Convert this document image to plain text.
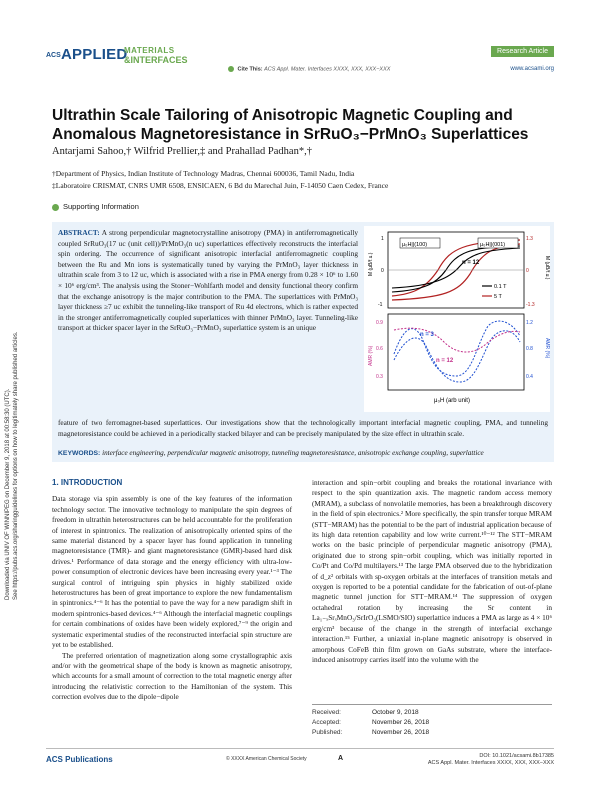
ACS APPLIED
MATERIALS
&INTERFACES
Research Article
Cite This: ACS Appl. Mater. Interfaces XXXX, XXX, XXX−XXX	www.acsami.org
Downloaded via UNIV OF WINNIPEG on December 9, 2018 at 00:58:30 (UTC). See https://pubs.acs.org/sharingguidelines for options on how to legitimately share published articles.
Ultrathin Scale Tailoring of Anisotropic Magnetic Coupling and Anomalous Magnetoresistance in SrRuO₃−PrMnO₃ Superlattices
Antarjami Sahoo,† Wilfrid Prellier,‡ and Prahallad Padhan*,†
†Department of Physics, Indian Institute of Technology Madras, Chennai 600036, Tamil Nadu, India
‡Laboratoire CRISMAT, CNRS UMR 6508, ENSICAEN, 6 Bd du Marechal Juin, F-14050 Caen Cedex, France
Supporting Information
ABSTRACT: A strong perpendicular magnetocrystalline anisotropy (PMA) in antiferromagnetically coupled SrRuO₃(17 uc (unit cell))/PrMnO₃(n uc) superlattices effectively reconstructs the interfacial spin ordering. The occurrence of significant anisotropic interfacial antiferromagnetic coupling between the Ru and Mn ions is systematically tuned by varying the PrMnO₃ layer thickness in ultrathin scale from 3 to 12 uc, which is associated with a rise in PMA energy from 0.28 × 10⁶ to 1.60 × 10⁶ erg/cm³. The analysis using the Stoner−Wohlfarth model and density functional theory confirm that the exchange anisotropy is the major contribution to the PMA. The superlattices with PrMnO₃ layer thickness ≥7 uc exhibit the tunneling-like transport of Ru 4d electrons, which is rather expected in the stronger antiferromagnetically coupled superlattices with thinner PrMnO₃ layer. Tunneling-like transport at thicker spacer layer in the SrRuO₃−PrMnO₃ superlattice system is an unique
μ₀H||(100)	μ₀H||(001)
n = 12
0.1 T
5 T
M (μB/f.u.)	M (μB/f.u.)
1
0
-1
1.3
0
-1.3
n = 3
n = 12
AMR (%)	AMR (%)
0.9
0.6
0.3
1.2
0.8
0.4
μ₀H (arb unit)
feature of two ferromagnet-based superlattices. Our investigations show that the technologically important interfacial magnetic coupling, PMA, and tunneling magnetoresistance could be achieved in a periodically stacked bilayer and can be precisely manipulated by the size effect in ultrathin scale.
KEYWORDS: interface engineering, perpendicular magnetic anisotropy, tunneling magnetoresistance, anisotropic exchange coupling, superlattice
1. INTRODUCTION

Data storage via spin assembly is one of the key features of the information technology sector. The innovative technology to manipulate the spin degrees of freedom in ultrathin heterostructures can be held accountable for the proliferation of interest in spintronics. The realization of anisotropically oriented spins of the same material distanced by a spacer layer has found application in tunneling magnetoresistance (TMR)- and giant magnetoresistance (GMR)-based hard disk drives.¹ Performance of data storage and the energy efficiency with ultra-low-power consumption of electronic devices have been increasing every year.¹⁻³ The surgical control of intriguing spin physics in highly stabilized oxide heterostructures has been of great importance to explore the new fundamentalism in spintronics.⁴⁻⁶ It has the potential to pave the way for a new paradigm shift in modern spintronics-based devices.⁴⁻⁶ Although the interfacial magnetic couplings for certain combinations of oxides have been widely explored,⁷⁻⁹ the origin and systematic experimental studies of the reconstructed interfacial spin structure are yet to be established.

The preferred orientation of magnetization along some crystallographic axis and/or with the geometrical shape of the body is known as magnetic anisotropy, which accounts for a small amount of correction to the total magnetic energy after introducing the relativistic correction to the Hamiltonian of the system. This correction evolves due to the dipole−dipole

interaction and spin−orbit coupling and breaks the rotational invariance with respect to the spin quantization axis. The magnetic random access memory (MRAM), a subclass of nonvolatile memories, has been a breakthrough discovery in the field of spin electronics.² More specifically, the spin transfer torque MRAM (STT−MRAM) has the potential to be the part of industrial application because of its high data retention capability and low write current.¹⁰⁻¹² The STT−MRAM works on the basic principle of perpendicular magnetic anisotropy (PMA), originated due to strong spin−orbit coupling, which was initially reported in Co/Pt and Co/Pd multilayers.¹³ The large PMA observed due to the hybridization of d_z² orbitals with sp-oxygen orbitals at the interfaces of transition metals and oxygen is reported to be a potential candidate for the fabrication of out-of-plane magnetic tunnel junction for STT−MRAM.¹⁴ The suppression of oxygen octahedral rotation by increasing the Sr content in La₁₋ₓSrₓMnO₃/SrIrO₃(LSMO/SIO) superlattice induces a PMA as large as 4 × 10⁶ erg/cm³ because of the change in the strength of interfacial exchange interaction.¹⁵ Further, a uniaxial in-plane magnetic anisotropy is observed in amorphous CoFeB thin film grown on GaAs substrate, where the interface-induced anisotropy carries itself into the volume with the

Received:	October 9, 2018
Accepted:	November 26, 2018
Published:	November 26, 2018
ACS Publications	© XXXX American Chemical Society	A	DOI: 10.1021/acsami.8b17385
ACS Appl. Mater. Interfaces XXXX, XXX, XXX−XXX
